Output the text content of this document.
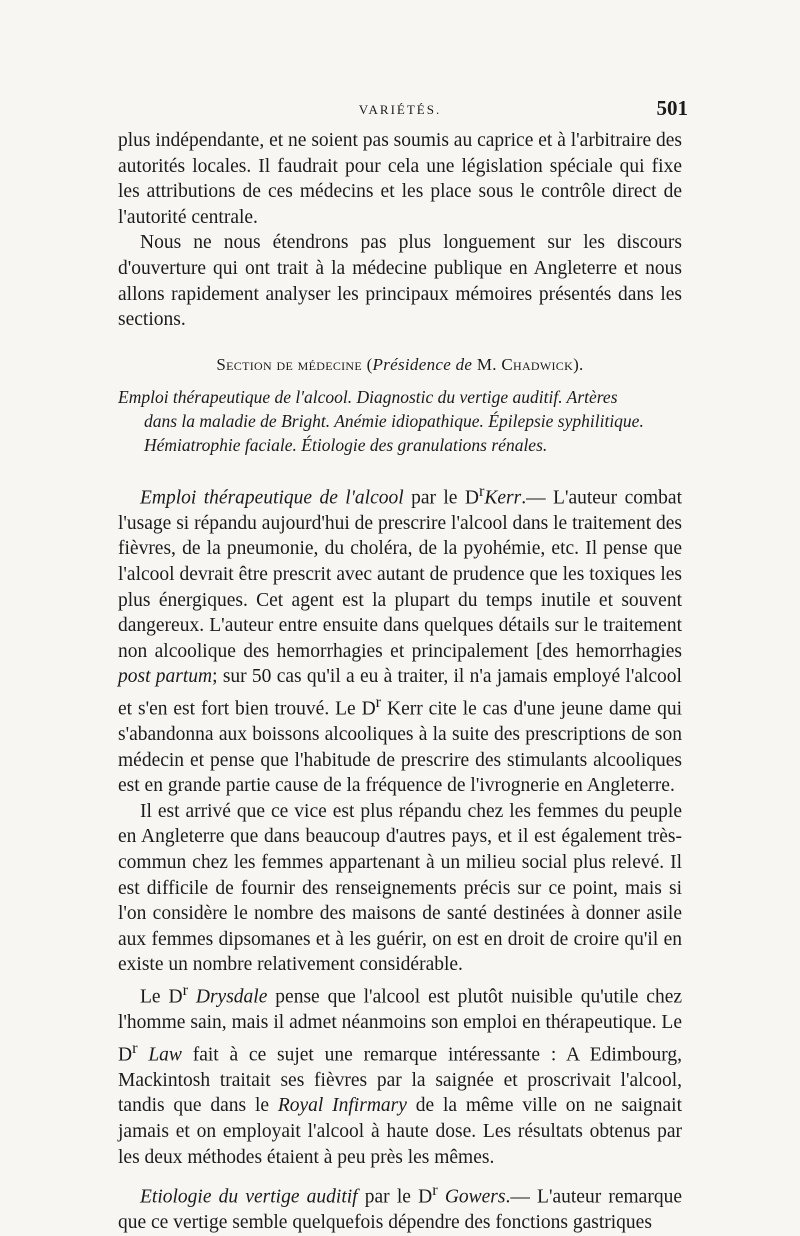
VARIÉTÉS.	501

plus indépendante, et ne soient pas soumis au caprice et à l'arbitraire des autorités locales. Il faudrait pour cela une législation spéciale qui fixe les attributions de ces médecins et les place sous le contrôle direct de l'autorité centrale.

Nous ne nous étendrons pas plus longuement sur les discours d'ouverture qui ont trait à la médecine publique en Angleterre et nous allons rapidement analyser les principaux mémoires présentés dans les sections.

Section de médecine (Présidence de M. Chadwick).
Emploi thérapeutique de l'alcool. Diagnostic du vertige auditif. Artères
dans la maladie de Bright. Anémie idiopathique. Épilepsie syphilitique.
Hémiatrophie faciale. Étiologie des granulations rénales.

Emploi thérapeutique de l'alcool par le $D^rKerr.—$ L'auteur combat l'usage si répandu aujourd'hui de prescrire l'alcool dans le traitement des fièvres, de la pneumonie, du choléra, de la pyohémie, etc. Il pense que l'alcool devrait être prescrit avec autant de prudence que les toxiques les plus énergiques. Cet agent est la plupart du temps inutile et souvent dangereux. L'auteur entre ensuite dans quelques détails sur le traitement non alcoolique des hemorrhagies et principalement [des hemorrhagies post partum; sur 50 cas qu'il a eu à traiter, il n'a jamais employé l'alcool et s'en est fort bien trouvé. Le $D^r$ Kerr cite le cas d'une jeune dame qui s'abandonna aux boissons alcooliques à la suite des prescriptions de son médecin et pense que l'habitude de prescrire des stimulants alcooliques est en grande partie cause de la fréquence de l'ivrognerie en Angleterre.

Il est arrivé que ce vice est plus répandu chez les femmes du peuple en Angleterre que dans beaucoup d'autres pays, et il est également très-commun chez les femmes appartenant à un milieu social plus relevé. Il est difficile de fournir des renseignements précis sur ce point, mais si l'on considère le nombre des maisons de santé destinées à donner asile aux femmes dipsomanes et à les guérir, on est en droit de croire qu'il en existe un nombre relativement considérable.

Le $D^r$ Drysdale pense que l'alcool est plutôt nuisible qu'utile chez l'homme sain, mais il admet néanmoins son emploi en thérapeutique. Le $D^r$ Law fait à ce sujet une remarque intéressante : A Edimbourg, Mackintosh traitait ses fièvres par la saignée et proscrivait l'alcool, tandis que dans le Royal Infirmary de la même ville on ne saignait jamais et on employait l'alcool à haute dose. Les résultats obtenus par les deux méthodes étaient à peu près les mêmes.

Etiologie du vertige auditif par le $D^r$ Gowers.— L'auteur remarque que ce vertige semble quelquefois dépendre des fonctions gastriques
